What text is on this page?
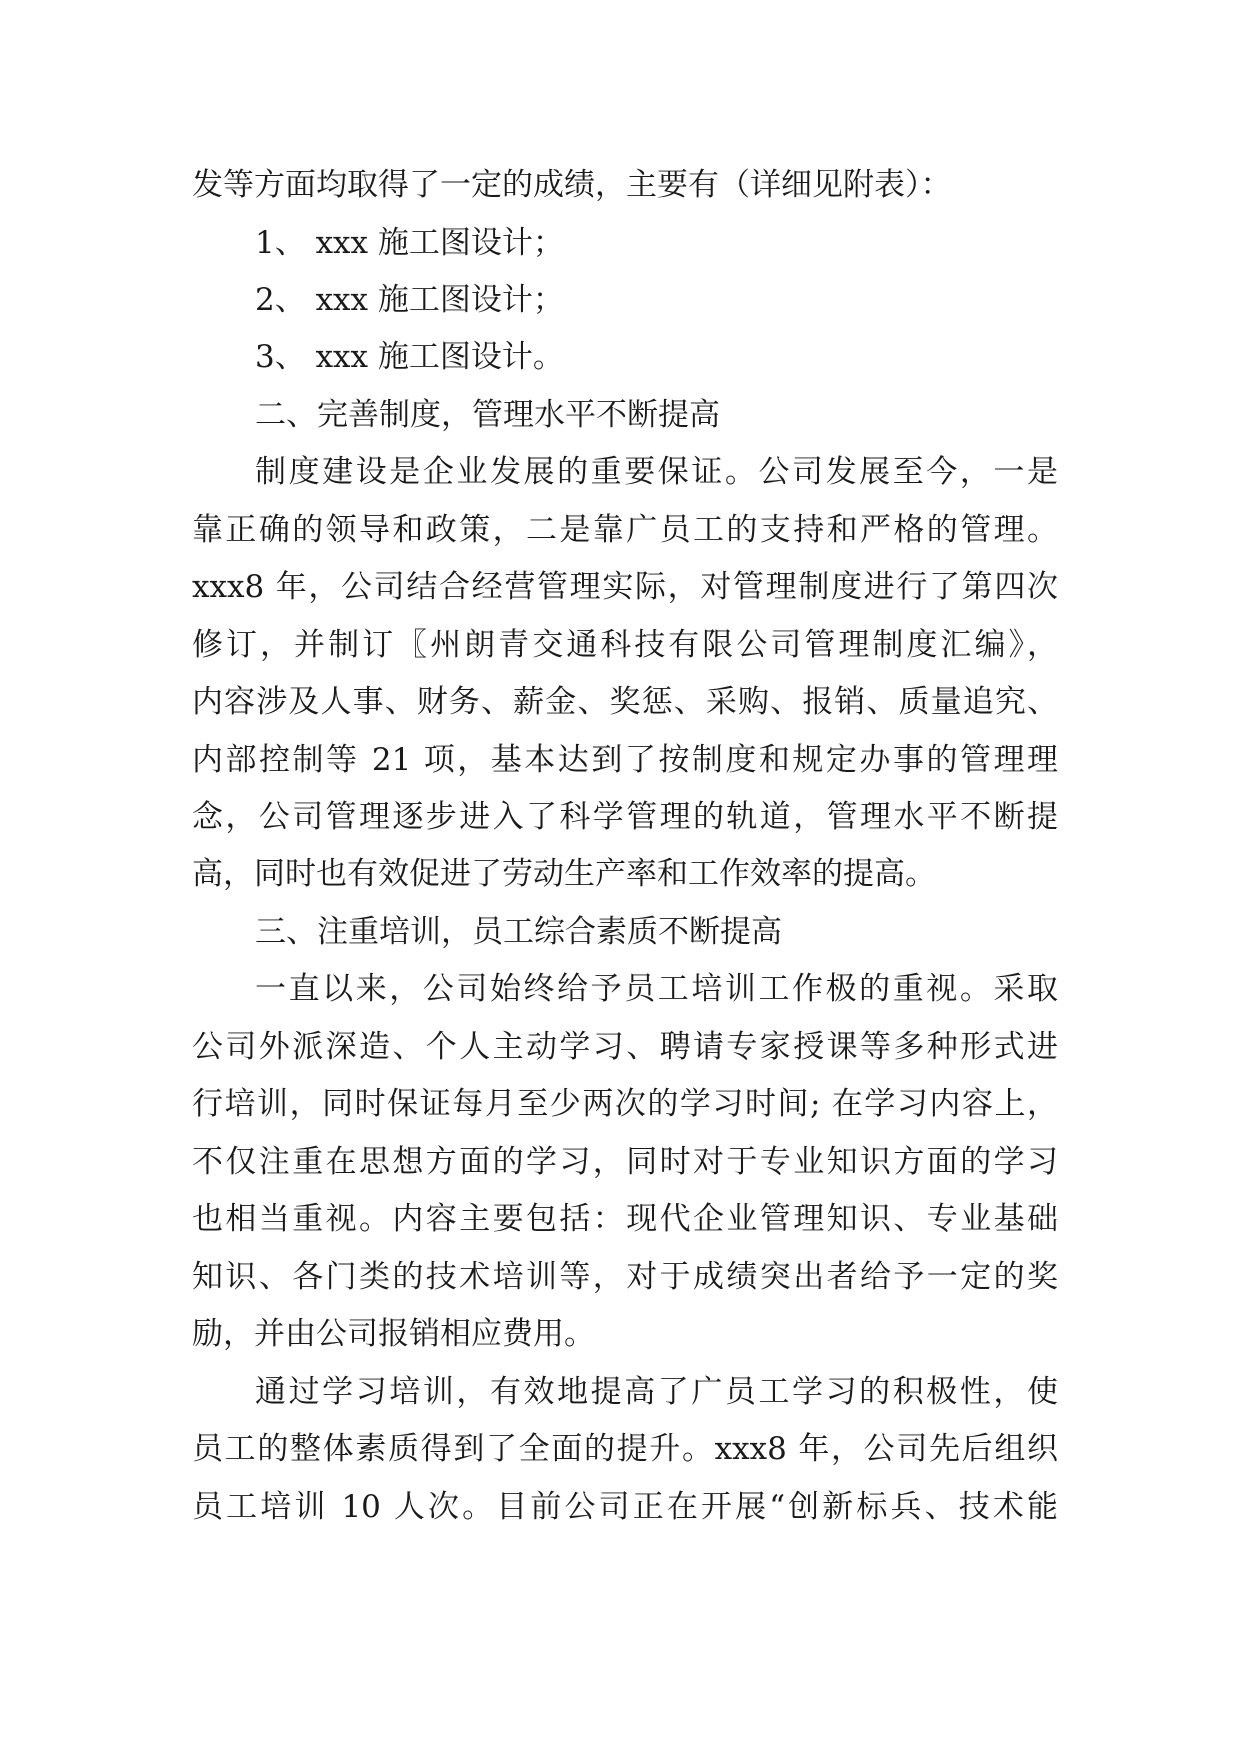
发等方面均取得了一定的成绩，主要有（详细见附表）：
1、 xxx 施工图设计；
2、 xxx 施工图设计；
3、 xxx 施工图设计。
二、完善制度，管理水平不断提高
制度建设是企业发展的重要保证。公司发展至今，一是
靠正确的领导和政策，二是靠广员工的支持和严格的管理。
xxx8 年，公司结合经营管理实际，对管理制度进行了第四次
修订，并制订〖州朗青交通科技有限公司管理制度汇编》，
内容涉及人事、财务、薪金、奖惩、采购、报销、质量追究、
内部控制等 21 项，基本达到了按制度和规定办事的管理理
念，公司管理逐步进入了科学管理的轨道，管理水平不断提
高，同时也有效促进了劳动生产率和工作效率的提高。
三、注重培训，员工综合素质不断提高
一直以来，公司始终给予员工培训工作极的重视。采取
公司外派深造、个人主动学习、聘请专家授课等多种形式进
行培训，同时保证每月至少两次的学习时间; 在学习内容上，
不仅注重在思想方面的学习，同时对于专业知识方面的学习
也相当重视。内容主要包括：现代企业管理知识、专业基础
知识、各门类的技术培训等，对于成绩突出者给予一定的奖
励，并由公司报销相应费用。
通过学习培训，有效地提高了广员工学习的积极性，使
员工的整体素质得到了全面的提升。xxx8 年，公司先后组织
员工培训 10 人次。目前公司正在开展“创新标兵、技术能
